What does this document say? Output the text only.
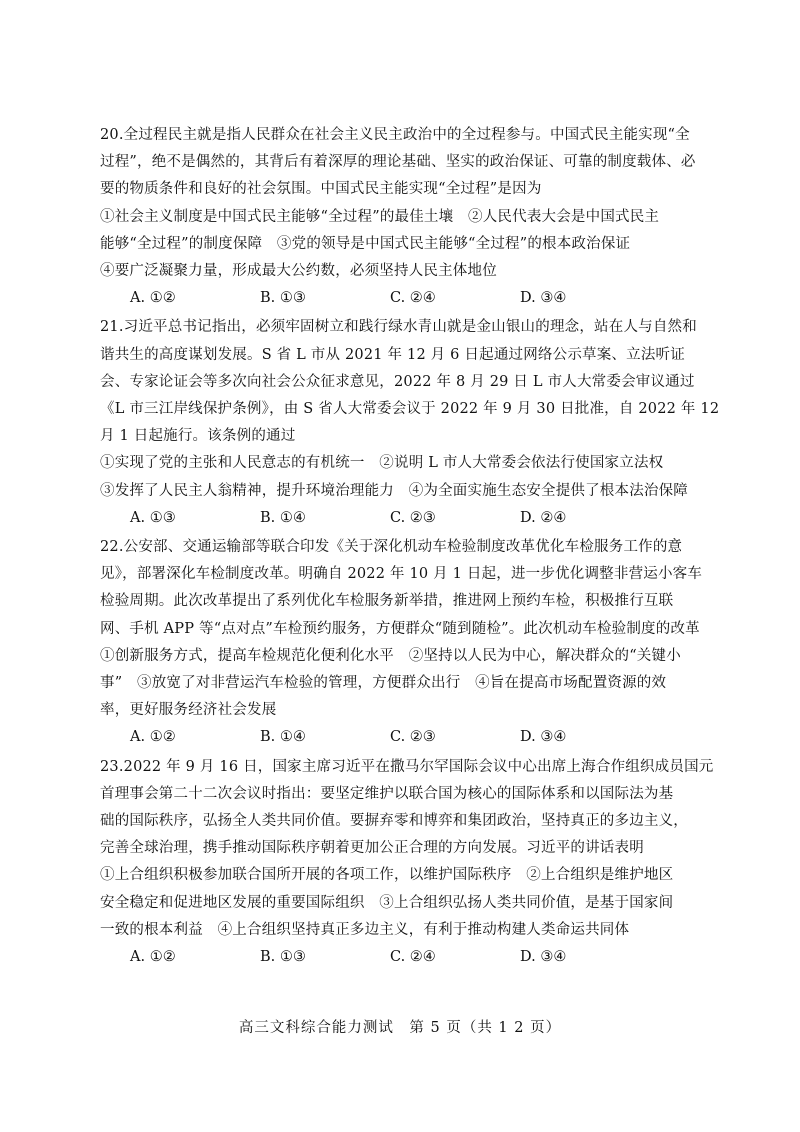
20.全过程民主就是指人民群众在社会主义民主政治中的全过程参与。中国式民主能实现“全
过程”，绝不是偶然的，其背后有着深厚的理论基础、坚实的政治保证、可靠的制度载体、必
要的物质条件和良好的社会氛围。中国式民主能实现“全过程”是因为
①社会主义制度是中国式民主能够“全过程”的最佳土壤　②人民代表大会是中国式民主
能够“全过程”的制度保障　③党的领导是中国式民主能够“全过程”的根本政治保证
④要广泛凝聚力量，形成最大公约数，必须坚持人民主体地位
A. ①②	B. ①③	C. ②④	D. ③④
21.习近平总书记指出，必须牢固树立和践行绿水青山就是金山银山的理念，站在人与自然和
谐共生的高度谋划发展。S 省 L 市从 2021 年 12 月 6 日起通过网络公示草案、立法听证
会、专家论证会等多次向社会公众征求意见，2022 年 8 月 29 日 L 市人大常委会审议通过
《L 市三江岸线保护条例》，由 S 省人大常委会议于 2022 年 9 月 30 日批准，自 2022 年 12
月 1 日起施行。该条例的通过
①实现了党的主张和人民意志的有机统一　②说明 L 市人大常委会依法行使国家立法权
③发挥了人民主人翁精神，提升环境治理能力　④为全面实施生态安全提供了根本法治保障
A. ①③	B. ①④	C. ②③	D. ②④
22.公安部、交通运输部等联合印发《关于深化机动车检验制度改革优化车检服务工作的意
见》，部署深化车检制度改革。明确自 2022 年 10 月 1 日起，进一步优化调整非营运小客车
检验周期。此次改革提出了系列优化车检服务新举措，推进网上预约车检，积极推行互联
网、手机 APP 等“点对点”车检预约服务，方便群众“随到随检”。此次机动车检验制度的改革
①创新服务方式，提高车检规范化便利化水平　②坚持以人民为中心，解决群众的“关键小
事”　③放宽了对非营运汽车检验的管理，方便群众出行　④旨在提高市场配置资源的效
率，更好服务经济社会发展
A. ①②	B. ①④	C. ②③	D. ③④
23.2022 年 9 月 16 日，国家主席习近平在撒马尔罕国际会议中心出席上海合作组织成员国元
首理事会第二十二次会议时指出：要坚定维护以联合国为核心的国际体系和以国际法为基
础的国际秩序，弘扬全人类共同价值。要摒弃零和博弈和集团政治，坚持真正的多边主义，
完善全球治理，携手推动国际秩序朝着更加公正合理的方向发展。习近平的讲话表明
①上合组织积极参加联合国所开展的各项工作，以维护国际秩序　②上合组织是维护地区
安全稳定和促进地区发展的重要国际组织　③上合组织弘扬人类共同价值，是基于国家间
一致的根本利益　④上合组织坚持真正多边主义，有利于推动构建人类命运共同体
A. ①②	B. ①③	C. ②④	D. ③④
高三文科综合能力测试　第 5 页（共 1 2 页）
